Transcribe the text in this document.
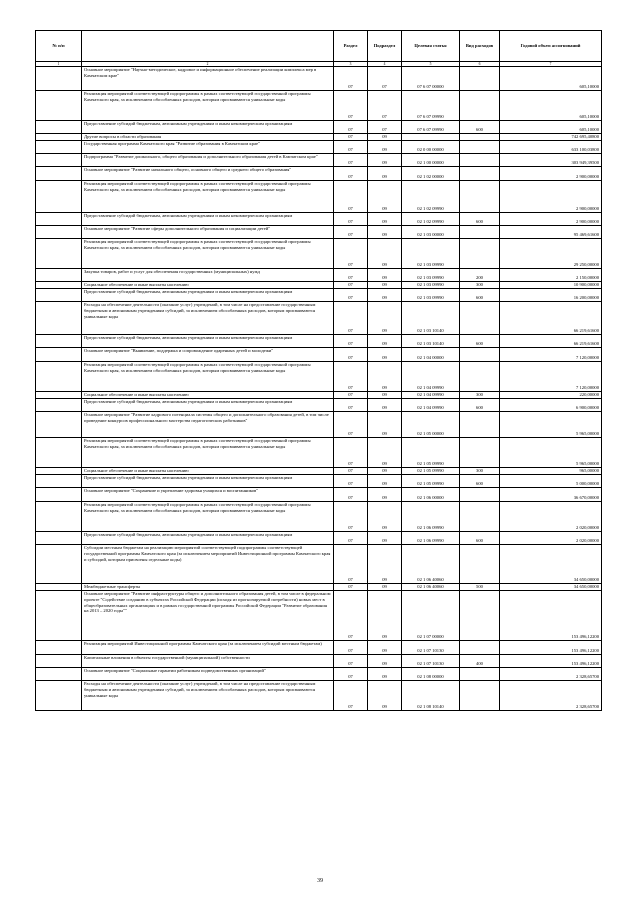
№ п/п		Раздел	Подраздел	Целевая статья	Вид расходов	Годовой объем ассигнований
1	2	3	4	5	6	7
	Основное мероприятие "Научно-методическое, кадровое и информационное обеспечение реализации комплекса мер в Камчатском крае"	07	07	07 6 07 00000		605,10000
	Реализация мероприятий соответствующей подпрограммы в рамках соответствующей государственной программы Камчатского края, за исключением обособленных расходов, которым присваиваются уникальные коды	07	07	07 6 07 09990		605,10000
	Предоставление субсидий бюджетным, автономным учреждениям и иным некоммерческим организациям	07	07	07 6 07 09990	600	605,10000
	Другие вопросы в области образования	07	09			742 695,40800
	Государственная программа Камчатского края "Развитие образования в Камчатском крае"	07	09	02 0 00 00000		633 100,03800
	Подпрограмма "Развитие дошкольного, общего образования и дополнительного образования детей в Камчатском крае"	07	09	02 1 00 00000		303 949,39500
	Основное мероприятие "Развитие начального общего, основного общего и среднего общего образования"	07	09	02 1 02 00000		2 900,00000
	Реализация мероприятий соответствующей подпрограммы в рамках соответствующей государственной программы Камчатского края, за исключением обособленных расходов, которым присваиваются уникальные коды	07	09	02 1 02 09990		2 900,00000
	Предоставление субсидий бюджетным, автономным учреждениям и иным некоммерческим организациям	07	09	02 1 02 09990	600	2 900,00000
	Основное мероприятие "Развитие сферы дополнительного образования и социализации детей"	07	09	02 1 03 00000		95 469,61600
	Реализация мероприятий соответствующей подпрограммы в рамках соответствующей государственной программы Камчатского края, за исключением обособленных расходов, которым присваиваются уникальные коды	07	09	02 1 03 09990		29 250,00000
	Закупка товаров, работ и услуг для обеспечения государственных (муниципальных) нужд	07	09	02 1 03 09990	200	2 150,00000
	Социальное обеспечение и иные выплаты населению	07	09	02 1 03 09990	300	10 900,00000
	Предоставление субсидий бюджетным, автономным учреждениям и иным некоммерческим организациям	07	09	02 1 03 09990	600	16 200,00000
	Расходы на обеспечение деятельности (оказание услуг) учреждений, в том числе на предоставление государственным бюджетным и автономным учреждениям субсидий, за исключением обособленных расходов, которым присваиваются уникальные коды	07	09	02 1 03 10140		66 219,61600
	Предоставление субсидий бюджетным, автономным учреждениям и иным некоммерческим организациям	07	09	02 1 03 10140	600	66 219,61600
	Основное мероприятие "Выявление, поддержка и сопровождение одаренных детей и молодежи"	07	09	02 1 04 00000		7 120,00000
	Реализация мероприятий соответствующей подпрограммы в рамках соответствующей государственной программы Камчатского края, за исключением обособленных расходов, которым присваиваются уникальные коды	07	09	02 1 04 09990		7 120,00000
	Социальное обеспечение и иные выплаты населению	07	09	02 1 04 09990	300	220,00000
	Предоставление субсидий бюджетным, автономным учреждениям и иным некоммерческим организациям	07	09	02 1 04 09990	600	6 900,00000
	Основное мероприятие "Развитие кадрового потенциала системы общего и дополнительного образования детей, в том числе проведение конкурсов профессионального мастерства педагогических работников"	07	09	02 1 05 00000		5 965,00000
	Реализация мероприятий соответствующей подпрограммы в рамках соответствующей государственной программы Камчатского края, за исключением обособленных расходов, которым присваиваются уникальные коды	07	09	02 1 05 09990		5 965,00000
	Социальное обеспечение и иные выплаты населению	07	09	02 1 05 09990	300	965,00000
	Предоставление субсидий бюджетным, автономным учреждениям и иным некоммерческим организациям	07	09	02 1 05 09990	600	5 000,00000
	Основное мероприятие "Сохранение и укрепление здоровья учащихся и воспитанников"	07	09	02 1 06 00000		36 670,00000
	Реализация мероприятий соответствующей подпрограммы в рамках соответствующей государственной программы Камчатского края, за исключением обособленных расходов, которым присваиваются уникальные коды	07	09	02 1 06 09990		2 020,00000
	Предоставление субсидий бюджетным, автономным учреждениям и иным некоммерческим организациям	07	09	02 1 06 09990	600	2 020,00000
	Субсидии местным бюджетам на реализацию мероприятий соответствующей подпрограммы соответствующей государственной программы Камчатского края (за исключением мероприятий Инвестиционной программы Камчатского края и субсидий, которым присвоены отдельные коды)	07	09	02 1 06 40060		34 650,00000
	Межбюджетные трансферты	07	09	02 1 06 40060	500	34 650,00000
	Основное мероприятие "Развитие инфраструктуры общего и дополнительного образования детей, в том числе в федеральном проекте "Содействие созданию в субъектах Российской Федерации (исходя из прогнозируемой потребности) новых мест в общеобразовательных организациях и в рамках государственной программы Российской Федерации "Развитие образования на 2013 – 2020 годы""	07	09	02 1 07 00000		153 496,12200
	Реализация мероприятий Инвестиционной программы Камчатского края (за исключением субсидий местным бюджетам)	07	09	02 1 07 10130		153 496,12200
	Капитальные вложения в объекты государственной (муниципальной) собственности	07	09	02 1 07 10130	400	153 496,12200
	Основное мероприятие "Социальные гарантии работникам подведомственных организаций"	07	09	02 1 08 00000		2 328,65700
	Расходы на обеспечение деятельности (оказание услуг) учреждений, в том числе на предоставление государственным бюджетным и автономным учреждениям субсидий, за исключением обособленных расходов, которым присваиваются уникальные коды	07	09	02 1 08 10140		2 328,65700
39
